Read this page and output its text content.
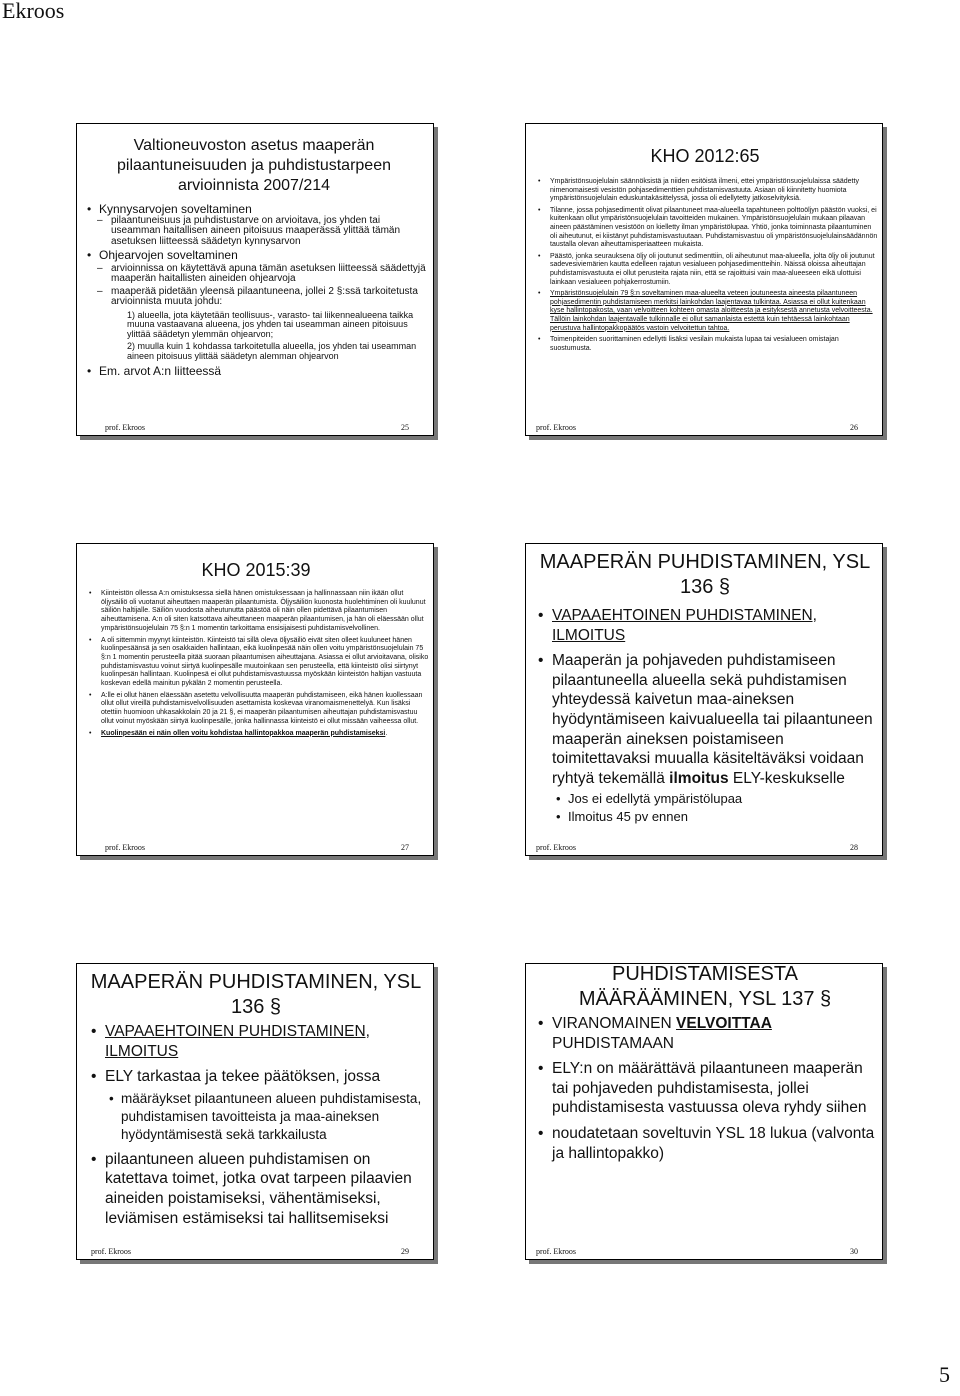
Ekroos
Valtioneuvoston asetus maaperän pilaantuneisuuden ja puhdistustarpeen arvioinnista 2007/214
• Kynnysarvojen soveltaminen
– pilaantuneisuus ja puhdistustarve on arvioitava, jos yhden tai useamman haitallisen aineen pitoisuus maaperässä ylittää tämän asetuksen liitteessä säädetyn kynnysarvon
• Ohjearvojen soveltaminen
– arvioinnissa on käytettävä apuna tämän asetuksen liitteessä säädettyjä maaperän haitallisten aineiden ohjearvoja
– maaperää pidetään yleensä pilaantuneena, jollei 2 §:ssä tarkoitetusta arvioinnista muuta johdu:
1) alueella, jota käytetään teollisuus-, varasto- tai liikennealueena taikka muuna vastaavana alueena, jos yhden tai useamman aineen pitoisuus ylittää säädetyn ylemmän ohjearvon;
2) muulla kuin 1 kohdassa tarkoitetulla alueella, jos yhden tai useamman aineen pitoisuus ylittää säädetyn alemman ohjearvon
• Em. arvot A:n liitteessä
prof. Ekroos	25
KHO 2012:65
• Ympäristönsuojelulain säännöksistä ja niiden esitöistä ilmeni, ettei ympäristönsuojelulaissa säädetty nimenomaisesti vesistön pohjasedimenttien puhdistamisvastuuta. Asiaan oli kiinnitetty huomiota ympäristönsuojelulain eduskuntakäsittelyssä, jossa oli edellytetty jatkoselvityksiä.
• Tilanne, jossa pohjasedimentit olivat pilaantuneet maa-alueella tapahtuneen polttoöljyn päästön vuoksi, ei kuitenkaan ollut ympäristönsuojelulain tavoitteiden mukainen. Ympäristönsuojelulain mukaan pilaavan aineen päästäminen vesistöön on kielletty ilman ympäristölupaa. Yhtiö, jonka toiminnasta pilaantuminen oli aiheutunut, ei kiistänyt puhdistamisvastuutaan. Puhdistamisvastuu oli ympäristönsuojelulainsäädännön taustalla olevan aiheuttamisperiaatteen mukaista.
• Päästö, jonka seurauksena öljy oli joutunut sedimenttiin, oli aiheutunut maa-alueella, jolta öljy oli joutunut sadevesiviemärien kautta edelleen rajatun vesialueen pohjasedimentteihin. Näissä oloissa aiheuttajan puhdistamisvastuuta ei ollut perusteita rajata niin, että se rajoittuisi vain maa-alueeseen eikä ulottuisi lainkaan vesialueen pohjakerrostumiin.
• Ympäristönsuojelulain 79 §:n soveltaminen maa-alueelta veteen joutuneesta aineesta pilaantuneen pohjasedimentin puhdistamiseen merkitsi lainkohdan laajentavaa tulkintaa. Asiassa ei ollut kuitenkaan kyse hallintopakosta, vaan velvoitteen kohteen omasta aloitteesta ja esityksestä annetusta velvoitteesta. Tällöin lainkohdan laajentavalle tulkinnalle ei ollut samanlaista estettä kuin tehtäessä lainkohtaan perustuva hallintopakkopäätös vastoin velvoitettun tahtoa.
• Toimenpiteiden suorittaminen edellytti lisäksi vesilain mukaista lupaa tai vesialueen omistajan suostumusta.
prof. Ekroos	26
KHO 2015:39
• Kiinteistön ollessa A:n omistuksessa siellä hänen omistuksessaan ja hallinnassaan niin ikään ollut öljysäiliö oli vuotanut aiheuttaen maaperän pilaantumista. Öljysäiliön kuonosta huolehtiminen oli kuulunut säiliön haltijalle. Säiliön vuodosta aiheutunutta päästöä oli näin ollen pidettävä pilaantumisen aiheuttamisena. A:n oli siten katsottava aiheuttaneen maaperän pilaantumisen, ja hän oli eläessään ollut ympäristönsuojelulain 75 §:n 1 momentin tarkoittama ensisijaisesti puhdistamisvelvollinen.
• A oli sittemmin myynyt kiinteistön. Kiinteistö tai sillä oleva öljysäiliö eivät siten olleet kuuluneet hänen kuolinpesäänsä ja sen osakkaiden hallintaan, eikä kuolinpesää näin ollen voitu ympäristönsuojelulain 75 §:n 1 momentin perusteella pitää suoraan pilaantumisen aiheuttajana. Asiassa ei ollut arvioitavana, olisiko puhdistamisvastuu voinut siirtyä kuolinpesälle muutoinkaan sen perusteella, että kiinteistö olisi siirtynyt kuolinpesän hallintaan. Kuolinpesä ei ollut puhdistamisvastuussa myöskään kiinteistön haltijan vastuuta koskevan edellä mainitun pykälän 2 momentin perusteella.
• A:lle ei ollut hänen eläessään asetettu velvollisuutta maaperän puhdistamiseen, eikä hänen kuollessaan ollut ollut vireillä puhdistamisvelvollisuuden asettamista koskevaa viranomaismenettelyä. Kun lisäksi otettiin huomioon uhkasakkolain 20 ja 21 §, ei maaperän pilaantumisen aiheuttajan puhdistamisvastuu ollut voinut myöskään siirtyä kuolinpesälle, jonka hallinnassa kiinteistö ei ollut missään vaiheessa ollut.
• Kuolinpesään ei näin ollen voitu kohdistaa hallintopakkoa maaperän puhdistamiseksi.
prof. Ekroos	27
MAAPERÄN PUHDISTAMINEN, YSL 136 §
• VAPAAEHTOINEN PUHDISTAMINEN, ILMOITUS
• Maaperän ja pohjaveden puhdistamiseen pilaantuneella alueella sekä puhdistamisen yhteydessä kaivetun maa-aineksen hyödyntämiseen kaivualueella tai pilaantuneen maaperän aineksen poistamiseen toimitettavaksi muualla käsiteltäväksi voidaan ryhtyä tekemällä ilmoitus ELY-keskukselle
• Jos ei edellytä ympäristölupaa
• Ilmoitus 45 pv ennen
prof. Ekroos	28
MAAPERÄN PUHDISTAMINEN, YSL 136 §
• VAPAAEHTOINEN PUHDISTAMINEN, ILMOITUS
• ELY tarkastaa ja tekee päätöksen, jossa
• määräykset pilaantuneen alueen puhdistamisesta, puhdistamisen tavoitteista ja maa-aineksen hyödyntämisestä sekä tarkkailusta
• pilaantuneen alueen puhdistamisen on katettava toimet, jotka ovat tarpeen pilaavien aineiden poistamiseksi, vähentämiseksi, leviämisen estämiseksi tai hallitsemiseksi
prof. Ekroos	29
PUHDISTAMISESTA MÄÄRÄÄMINEN, YSL 137 §
• VIRANOMAINEN VELVOITTAA PUHDISTAMAAN
• ELY:n on määrättävä pilaantuneen maaperän tai pohjaveden puhdistamisesta, jollei puhdistamisesta vastuussa oleva ryhdy siihen
• noudatetaan soveltuvin YSL 18 lukua (valvonta ja hallintopakko)
prof. Ekroos	30
5
